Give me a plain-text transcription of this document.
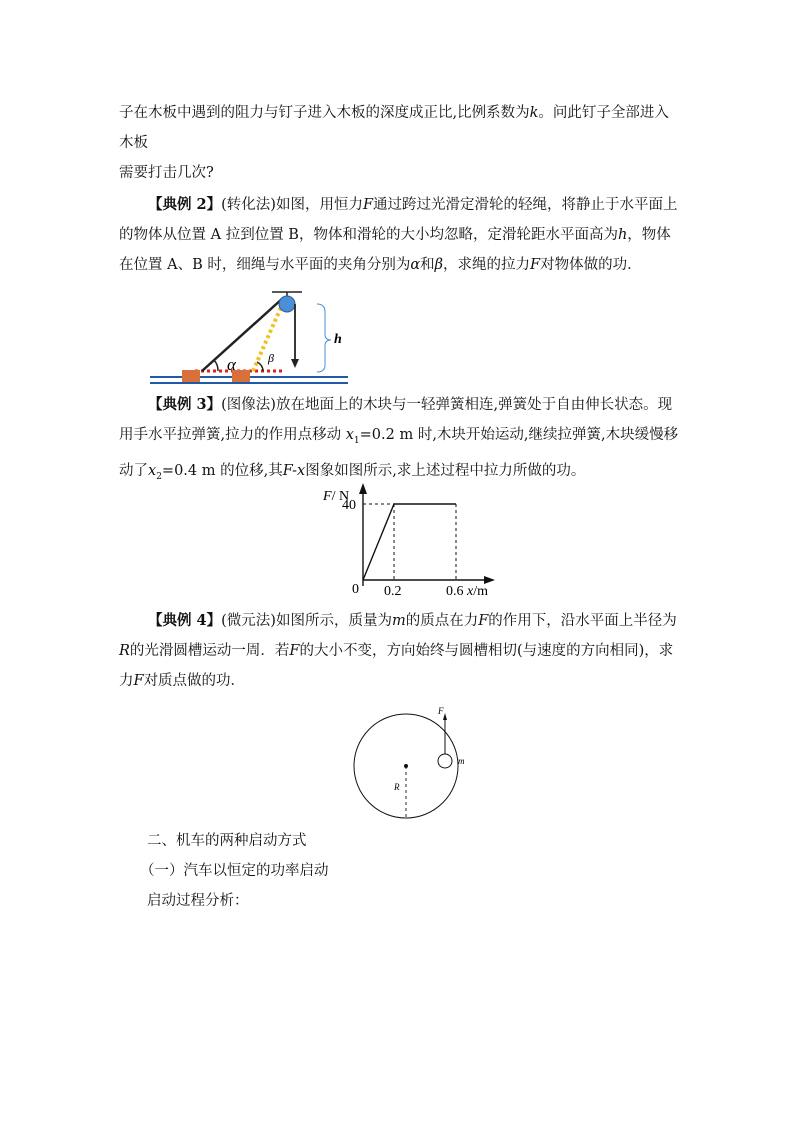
子在木板中遇到的阻力与钉子进入木板的深度成正比,比例系数为k。问此钉子全部进入木板
需要打击几次?

【典例 2】(转化法)如图，用恒力F通过跨过光滑定滑轮的轻绳，将静止于水平面上的物体从位置 A 拉到位置 B，物体和滑轮的大小均忽略，定滑轮距水平面高为h，物体在位置 A、B 时，细绳与水平面的夹角分别为α和β，求绳的拉力F对物体做的功．

α	β
h

【典例 3】(图像法)放在地面上的木块与一轻弹簧相连,弹簧处于自由伸长状态。现用手水平拉弹簧,拉力的作用点移动 $x_1=0.2$ m 时,木块开始运动,继续拉弹簧,木块缓慢移动了$x_2=0.4$ m 的位移,其F-x图象如图所示,求上述过程中拉力所做的功。

F/ N
40
0 0.2	0.6 x/m

【典例 4】(微元法)如图所示，质量为m的质点在力F的作用下，沿水平面上半径为R的光滑圆槽运动一周．若F的大小不变，方向始终与圆槽相切(与速度的方向相同)，求力F对质点做的功．

R
F
m
二、机车的两种启动方式
（一）汽车以恒定的功率启动
启动过程分析：
